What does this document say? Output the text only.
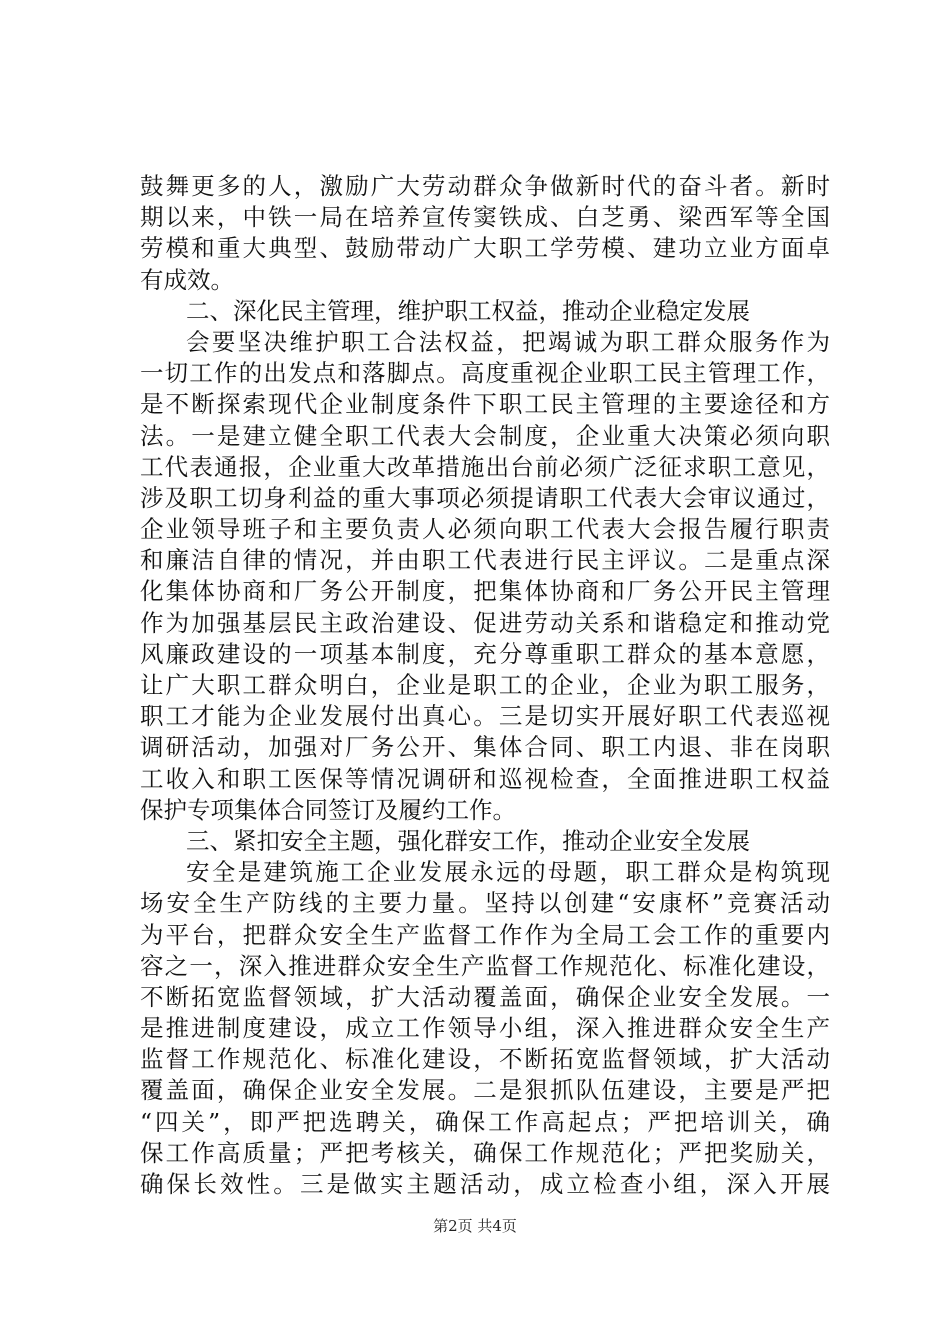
鼓舞更多的人，激励广大劳动群众争做新时代的奋斗者。新时
期以来，中铁一局在培养宣传窦铁成、白芝勇、梁西军等全国
劳模和重大典型、鼓励带动广大职工学劳模、建功立业方面卓
有成效。
二、深化民主管理，维护职工权益，推动企业稳定发展
会要坚决维护职工合法权益，把竭诚为职工群众服务作为
一切工作的出发点和落脚点。高度重视企业职工民主管理工作，
是不断探索现代企业制度条件下职工民主管理的主要途径和方
法。一是建立健全职工代表大会制度，企业重大决策必须向职
工代表通报，企业重大改革措施出台前必须广泛征求职工意见，
涉及职工切身利益的重大事项必须提请职工代表大会审议通过，
企业领导班子和主要负责人必须向职工代表大会报告履行职责
和廉洁自律的情况，并由职工代表进行民主评议。二是重点深
化集体协商和厂务公开制度，把集体协商和厂务公开民主管理
作为加强基层民主政治建设、促进劳动关系和谐稳定和推动党
风廉政建设的一项基本制度，充分尊重职工群众的基本意愿，
让广大职工群众明白，企业是职工的企业，企业为职工服务，
职工才能为企业发展付出真心。三是切实开展好职工代表巡视
调研活动，加强对厂务公开、集体合同、职工内退、非在岗职
工收入和职工医保等情况调研和巡视检查，全面推进职工权益
保护专项集体合同签订及履约工作。
三、紧扣安全主题，强化群安工作，推动企业安全发展
安全是建筑施工企业发展永远的母题，职工群众是构筑现
场安全生产防线的主要力量。坚持以创建“安康杯”竞赛活动
为平台，把群众安全生产监督工作作为全局工会工作的重要内
容之一，深入推进群众安全生产监督工作规范化、标准化建设，
不断拓宽监督领域，扩大活动覆盖面，确保企业安全发展。一
是推进制度建设，成立工作领导小组，深入推进群众安全生产
监督工作规范化、标准化建设，不断拓宽监督领域，扩大活动
覆盖面，确保企业安全发展。二是狠抓队伍建设，主要是严把
“四关”，即严把选聘关，确保工作高起点；严把培训关，确
保工作高质量；严把考核关，确保工作规范化；严把奖励关，
确保长效性。三是做实主题活动，成立检查小组，深入开展
第2页 共4页
